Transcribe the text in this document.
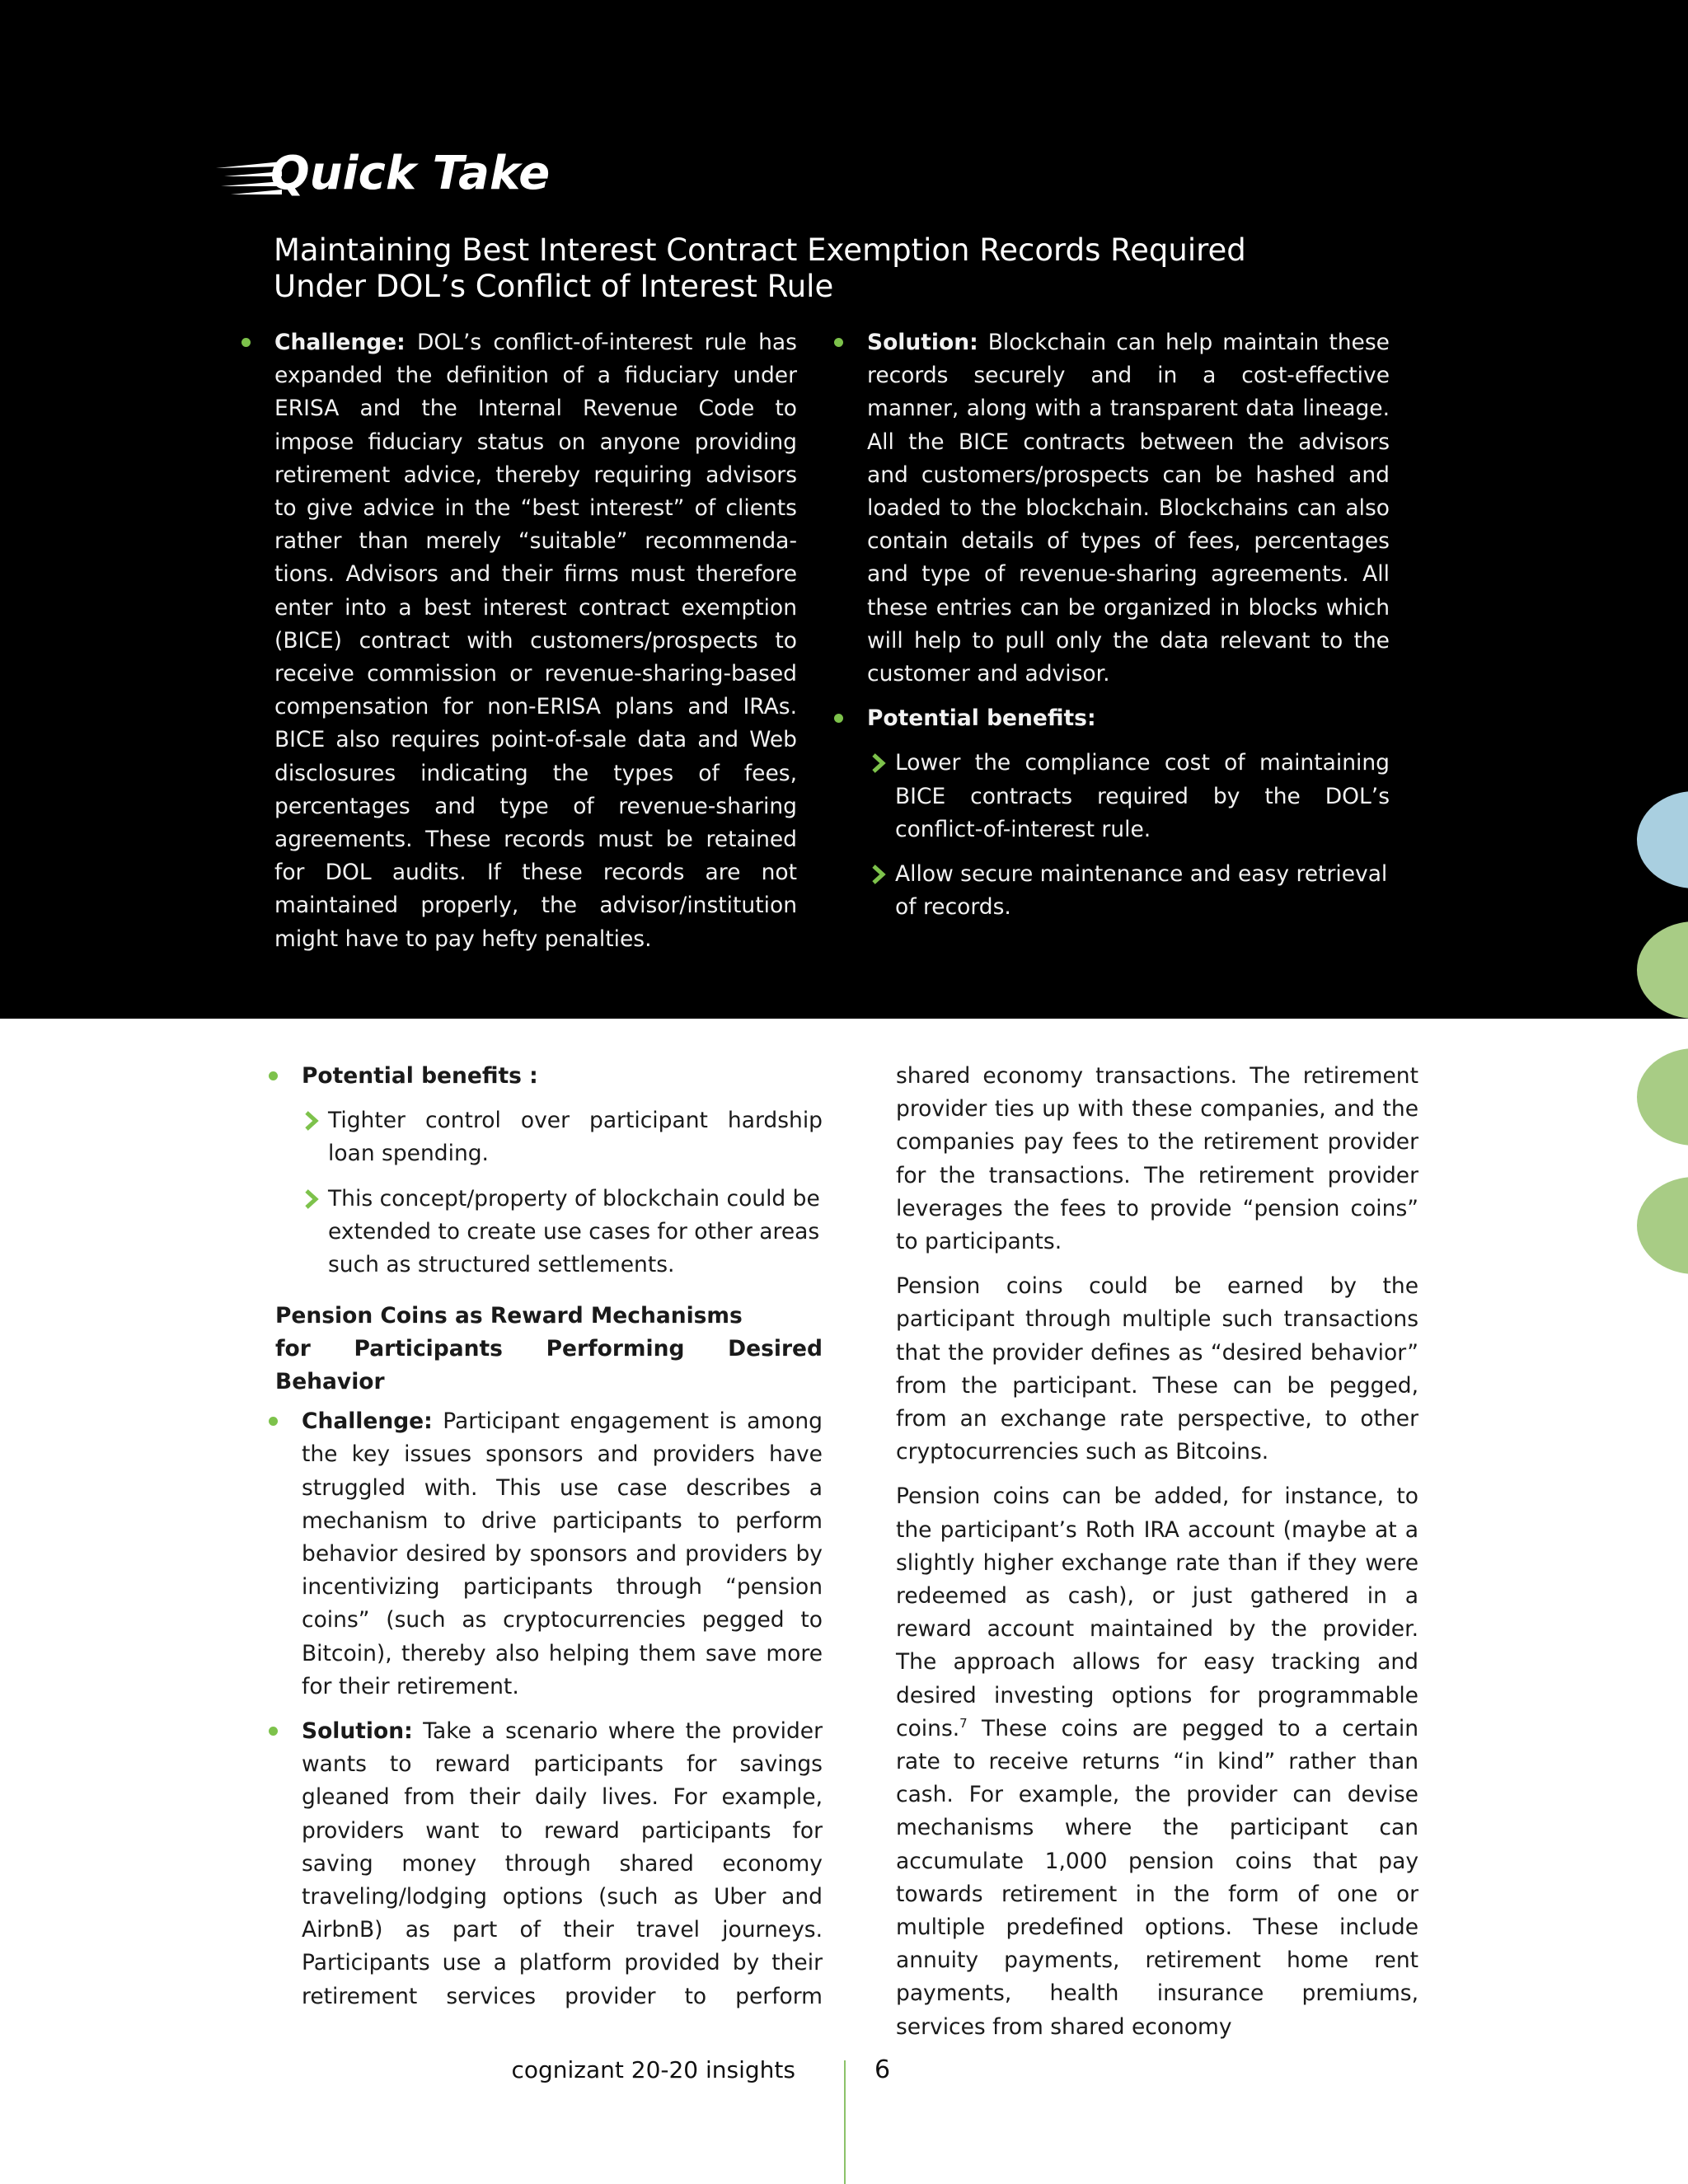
Quick Take
Maintaining Best Interest Contract Exemption Records Required
Under DOL’s Conflict of Interest Rule

Challenge: DOL’s conflict-of-interest rule has expanded the definition of a fiduciary under ERISA and the Internal Revenue Code to impose fiduciary status on anyone providing retirement advice, thereby requiring advisors to give advice in the “best interest” of clients rather than merely “suitable” recommendations. Advisors and their firms must therefore enter into a best interest contract exemption (BICE) contract with customers/prospects to receive commission or revenue-sharing-based compensation for non-ERISA plans and IRAs. BICE also requires point-of-sale data and Web disclosures indicating the types of fees, percentages and type of revenue-sharing agreements. These records must be retained for DOL audits. If these records are not maintained properly, the advisor/institution might have to pay hefty penalties.

Solution: Blockchain can help maintain these records securely and in a cost-effective manner, along with a transparent data lineage. All the BICE contracts between the advisors and customers/prospects can be hashed and loaded to the blockchain. Blockchains can also contain details of types of fees, percentages and type of revenue-sharing agreements. All these entries can be organized in blocks which will help to pull only the data relevant to the customer and advisor.

Potential benefits:

Lower the compliance cost of maintaining BICE contracts required by the DOL’s conflict-of-interest rule.

Allow secure maintenance and easy retrieval of records.

Potential benefits :

Tighter control over participant hardship loan spending.

This concept/property of blockchain could be extended to create use cases for other areas such as structured settlements.

Pension Coins as Reward Mechanisms

for Participants Performing Desired Behavior

Challenge: Participant engagement is among the key issues sponsors and providers have struggled with. This use case describes a mechanism to drive participants to perform behavior desired by sponsors and providers by incentivizing participants through “pension coins” (such as cryptocurrencies pegged to Bitcoin), thereby also helping them save more for their retirement.

Solution: Take a scenario where the provider wants to reward participants for savings gleaned from their daily lives. For example, providers want to reward participants for saving money through shared economy traveling/lodging options (such as Uber and AirbnB) as part of their travel journeys. Participants use a platform provided by their retirement services provider to perform

shared economy transactions. The retirement provider ties up with these companies, and the companies pay fees to the retirement provider for the transactions. The retirement provider leverages the fees to provide “pension coins” to participants.

Pension coins could be earned by the participant through multiple such transactions that the provider defines as “desired behavior” from the participant. These can be pegged, from an exchange rate perspective, to other cryptocurrencies such as Bitcoins.

Pension coins can be added, for instance, to the participant’s Roth IRA account (maybe at a slightly higher exchange rate than if they were redeemed as cash), or just gathered in a reward account maintained by the provider. The approach allows for easy tracking and desired investing options for programmable coins.$^7$ These coins are pegged to a certain rate to receive returns “in kind” rather than cash. For example, the provider can devise mechanisms where the participant can accumulate 1,000 pension coins that pay towards retirement in the form of one or multiple predefined options. These include annuity payments, retirement home rent payments, health insurance premiums, services from shared economy

cognizant 20-20 insights	6
